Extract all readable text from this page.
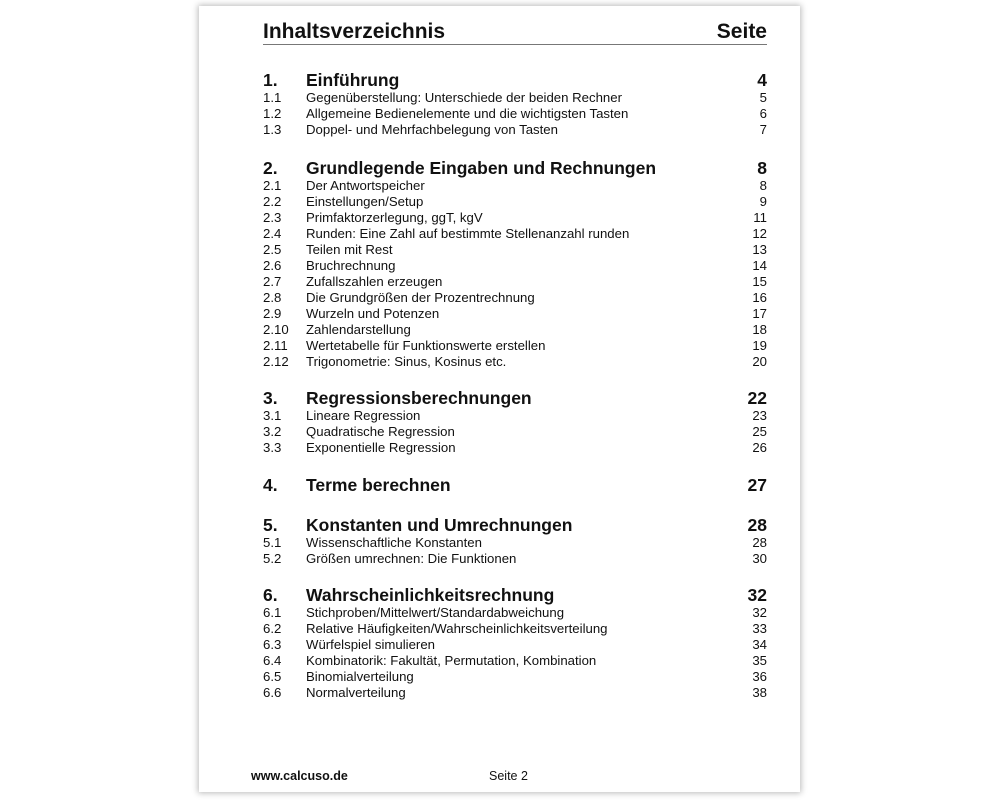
Inhaltsverzeichnis	Seite
1. Einführung	4
1.1 Gegenüberstellung: Unterschiede der beiden Rechner	5
1.2 Allgemeine Bedienelemente und die wichtigsten Tasten	6
1.3 Doppel- und Mehrfachbelegung von Tasten	7
2. Grundlegende Eingaben und Rechnungen	8
2.1 Der Antwortspeicher	8
2.2 Einstellungen/Setup	9
2.3 Primfaktorzerlegung, ggT, kgV	11
2.4 Runden: Eine Zahl auf bestimmte Stellenanzahl runden	12
2.5 Teilen mit Rest	13
2.6 Bruchrechnung	14
2.7 Zufallszahlen erzeugen	15
2.8 Die Grundgrößen der Prozentrechnung	16
2.9 Wurzeln und Potenzen	17
2.10 Zahlendarstellung	18
2.11 Wertetabelle für Funktionswerte erstellen	19
2.12 Trigonometrie: Sinus, Kosinus etc.	20
3. Regressionsberechnungen	22
3.1 Lineare Regression	23
3.2 Quadratische Regression	25
3.3 Exponentielle Regression	26
4. Terme berechnen	27
5. Konstanten und Umrechnungen	28
5.1 Wissenschaftliche Konstanten	28
5.2 Größen umrechnen: Die Funktionen	30
6. Wahrscheinlichkeitsrechnung	32
6.1 Stichproben/Mittelwert/Standardabweichung	32
6.2 Relative Häufigkeiten/Wahrscheinlichkeitsverteilung	33
6.3 Würfelspiel simulieren	34
6.4 Kombinatorik: Fakultät, Permutation, Kombination	35
6.5 Binomialverteilung	36
6.6 Normalverteilung	38
www.calcuso.de	Seite 2
